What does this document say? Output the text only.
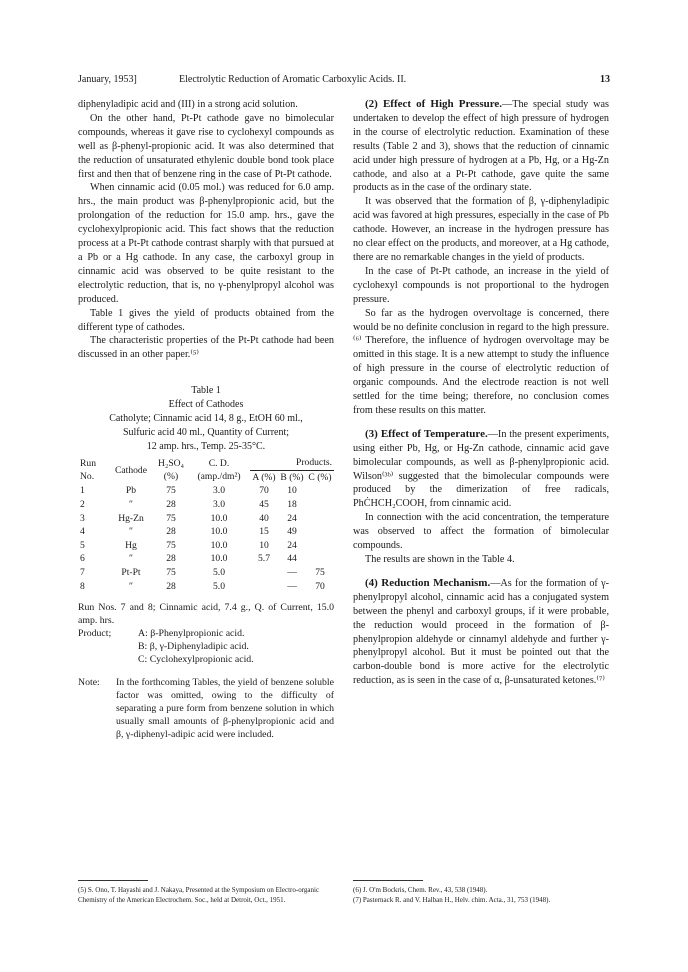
January, 1953]	Electrolytic Reduction of Aromatic Carboxylic Acids. II.	13

diphenyladipic acid and (III) in a strong acid solution.

On the other hand, Pt-Pt cathode gave no bimolecular compounds, whereas it gave rise to cyclohexyl compounds as well as β-phenyl-propionic acid. It was also determined that the reduction of unsaturated ethylenic double bond took place first and then that of benzene ring in the case of Pt-Pt cathode.

When cinnamic acid (0.05 mol.) was reduced for 6.0 amp. hrs., the main product was β-phenylpropionic acid, but the prolongation of the reduction for 15.0 amp. hrs., gave the cyclohexylpropionic acid. This fact shows that the reduction process at a Pt-Pt cathode contrast sharply with that pursued at a Pb or a Hg cathode. In any case, the carboxyl group in cinnamic acid was observed to be quite resistant to the electrolytic reduction, that is, no γ-phenylpropyl alcohol was produced.

Table 1 gives the yield of products obtained from the different type of cathodes.

The characteristic properties of the Pt-Pt cathode had been discussed in an other paper.⁽⁵⁾

Table 1
Effect of Cathodes
Catholyte; Cinnamic acid 14, 8 g., EtOH 60 ml.,
Sulfuric acid 40 ml., Quantity of Current;
12 amp. hrs., Temp. 25-35°C.
Run No.	Cathode	H₂SO₄ (%)	C. D. (amp./dm²)	Products.		
				A (%)	B (%)	C (%)
1	Pb	75	3.0	70	10	
2	″	28	3.0	45	18	
3	Hg-Zn	75	10.0	40	24	
4	″	28	10.0	15	49	
5	Hg	75	10.0	10	24	
6	″	28	10.0	5.7	44	
7	Pt-Pt	75	5.0		—	75
8	″	28	5.0		—	70

Run Nos. 7 and 8; Cinnamic acid, 7.4 g., Q. of Current, 15.0 amp. hrs.

Product;	A: β-Phenylpropionic acid.
B: β, γ-Diphenyladipic acid.
C: Cyclohexylpropionic acid.
Note:	In the forthcoming Tables, the yield of benzene soluble factor was omitted, owing to the difficulty of separating a pure form from benzene solution in which usually small amounts of β-phenylpropionic acid and β, γ-diphenyl-adipic acid were included.

(2) Effect of High Pressure.—The special study was undertaken to develop the effect of high pressure of hydrogen in the course of electrolytic reduction. Examination of these results (Table 2 and 3), shows that the reduction of cinnamic acid under high pressure of hydrogen at a Pb, Hg, or a Hg-Zn cathode, and also at a Pt-Pt cathode, gave quite the same products as in the case of the ordinary state.

It was observed that the formation of β, γ-diphenyladipic acid was favored at high pressures, especially in the case of Pb cathode. However, an increase in the hydrogen pressure has no clear effect on the products, and moreover, at a Hg cathode, there are no remarkable changes in the yield of products.

In the case of Pt-Pt cathode, an increase in the yield of cyclohexyl compounds is not proportional to the hydrogen pressure.

So far as the hydrogen overvoltage is concerned, there would be no definite conclusion in regard to the high pressure.⁽⁶⁾ Therefore, the influence of hydrogen overvoltage may be omitted in this stage. It is a new attempt to study the influence of high pressure in the course of electrolytic reduction of organic compounds. And the electrode reaction is not well settled for the time being; therefore, no conclusion comes from these results on this matter.

(3) Effect of Temperature.—In the present experiments, using either Pb, Hg, or Hg-Zn cathode, cinnamic acid gave bimolecular compounds, as well as β-phenylpropionic acid. Wilson⁽³ᵇ⁾ suggested that the bimolecular compounds were produced by the dimerization of free radicals, PhĊHCH₂COOH, from cinnamic acid.

In connection with the acid concentration, the temperature was observed to affect the formation of bimolecular compounds.

The results are shown in the Table 4.

(4) Reduction Mechanism.—As for the formation of γ-phenylpropyl alcohol, cinnamic acid has a conjugated system between the phenyl and carboxyl groups, if it were probable, the reduction would proceed in the formation of β-phenylpropion aldehyde or cinnamyl aldehyde and further γ-phenylpropyl alcohol. But it must be pointed out that the carbon-double bond is more active for the electrolytic reduction, as is seen in the case of α, β-unsaturated ketones.⁽⁷⁾

(5) S. Ono, T. Hayashi and J. Nakaya, Presented at the Symposium on Electro-organic Chemistry of the American Electrochem. Soc., held at Detroit, Oct., 1951.
(6) J. O'm Bockris, Chem. Rev., 43, 538 (1948).
(7) Pasternack R. and V. Halban H., Helv. chim. Acta., 31, 753 (1948).
